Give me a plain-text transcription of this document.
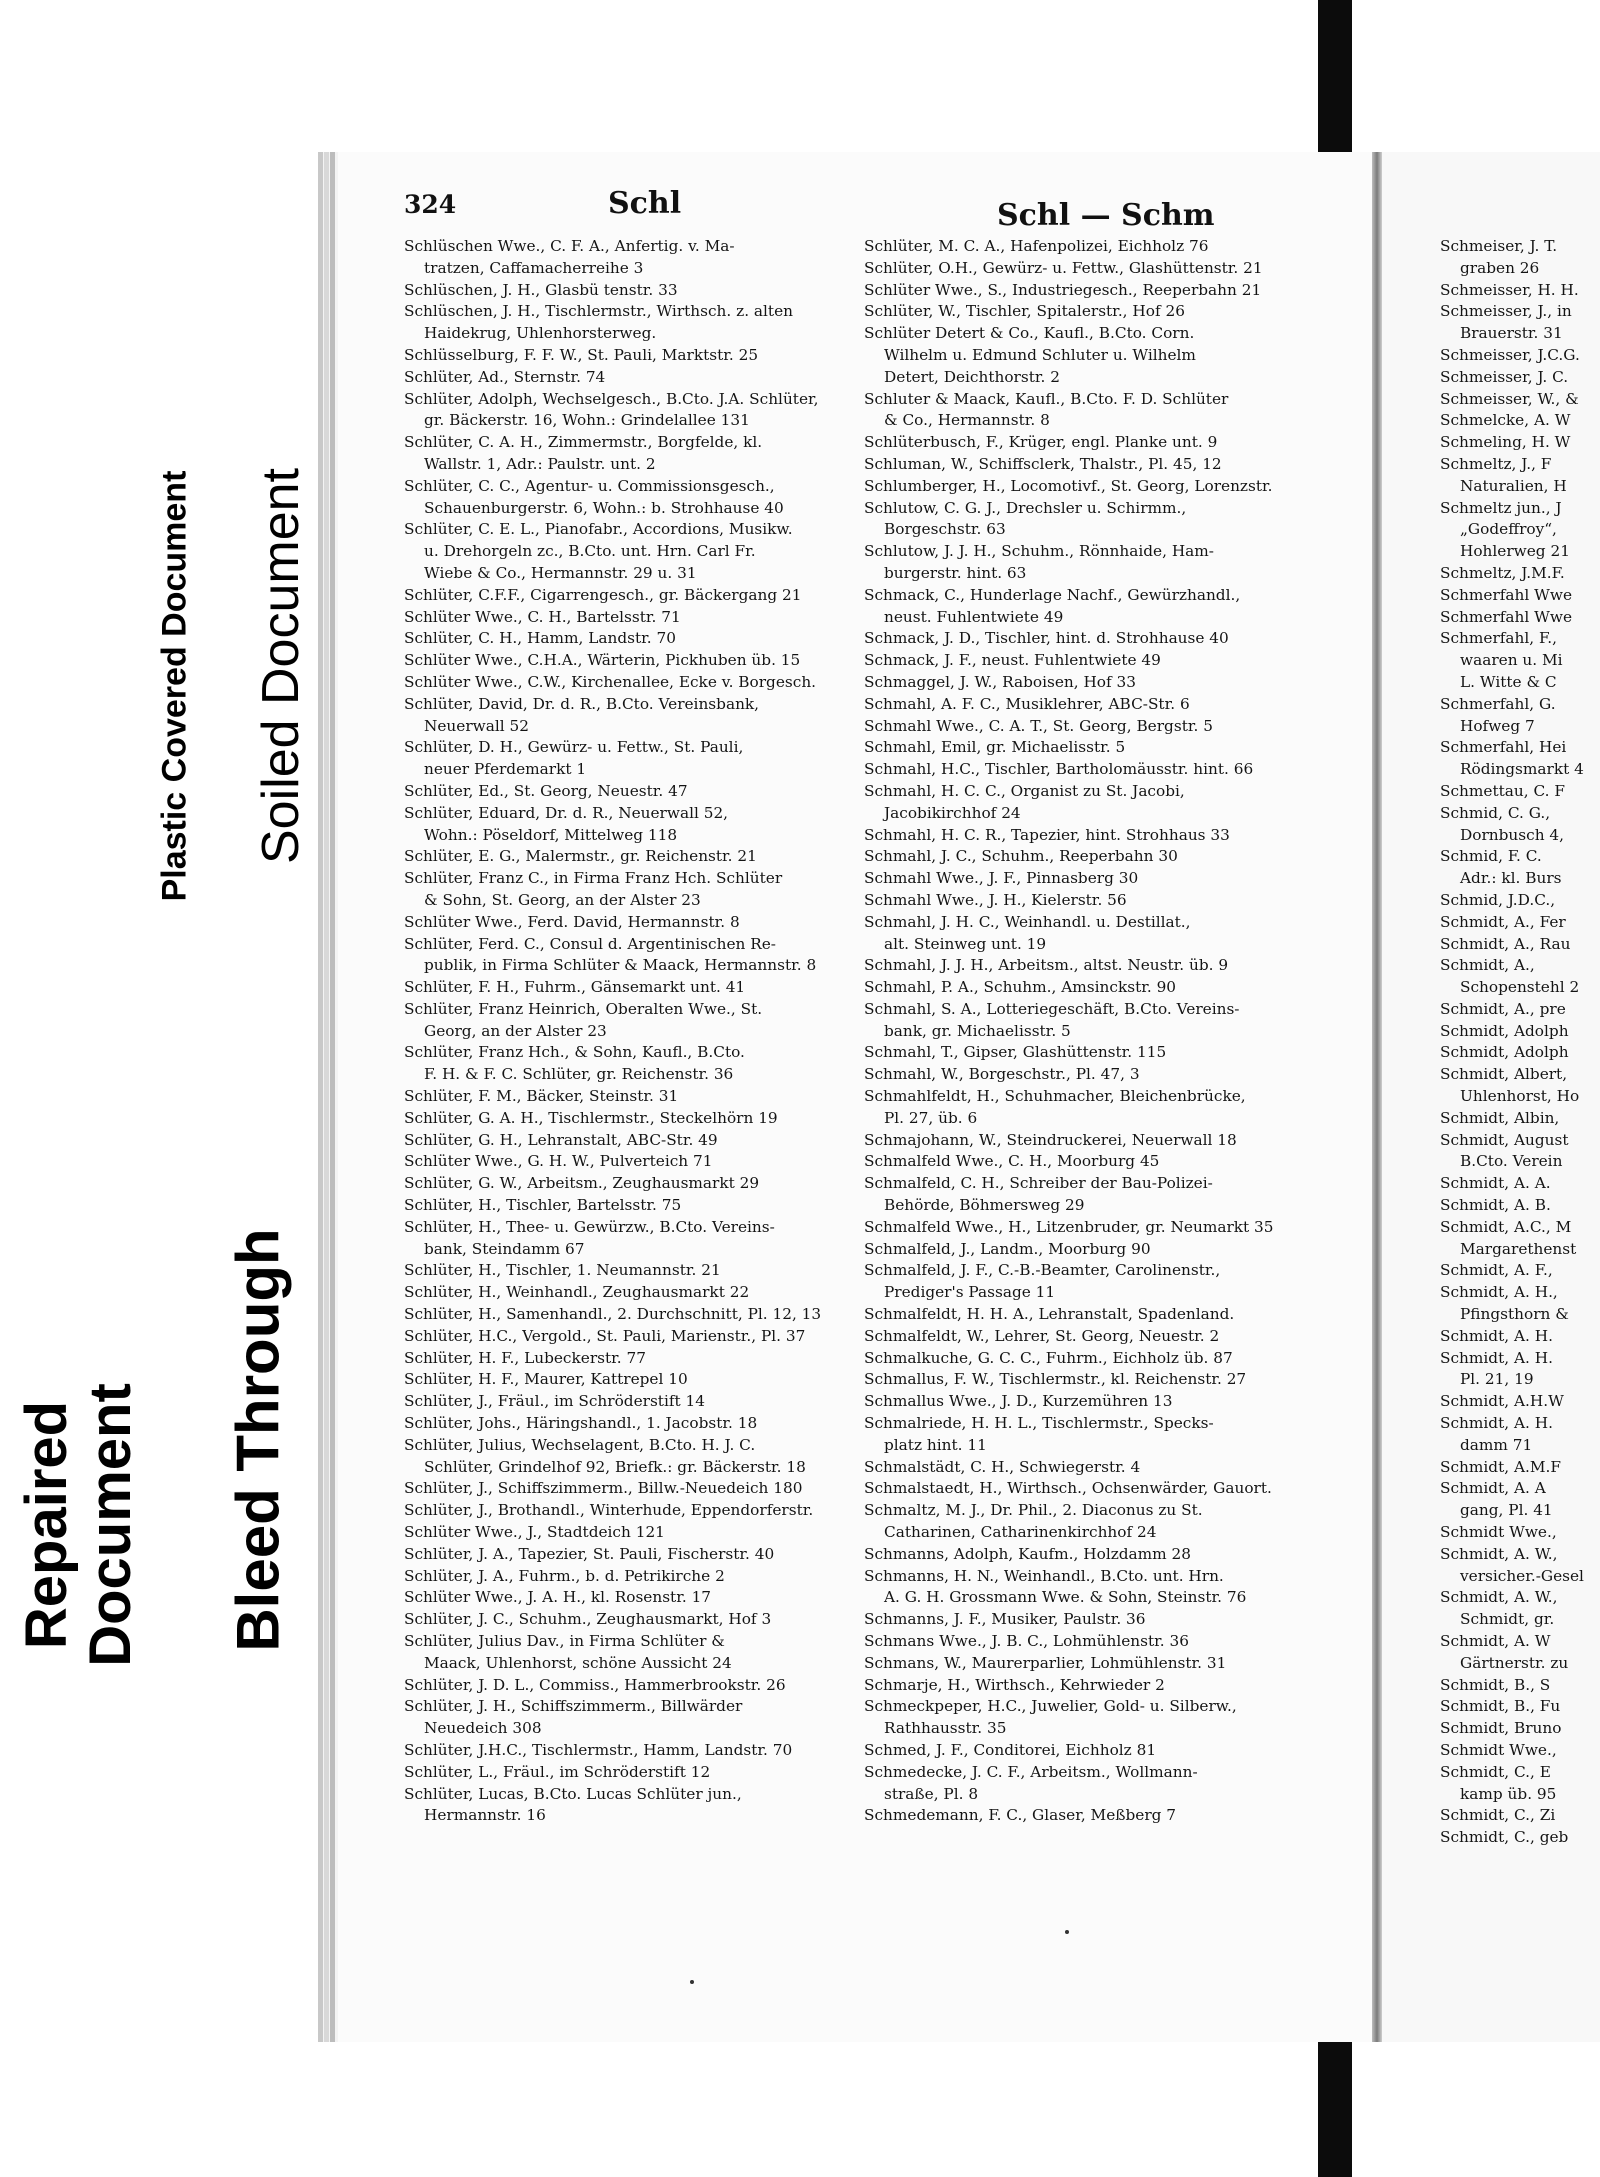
Plastic Covered Document Soiled Document
Repaired Document Bleed Through
324	Schl	Schl — Schm
Schlüschen Wwe., C. F. A., Anfertig. v. Ma-
tratzen, Caffamacherreihe 3
Schlüschen, J. H., Glasbü tenstr. 33
Schlüschen, J. H., Tischlermstr., Wirthsch. z. alten
Haidekrug, Uhlenhorsterweg.
Schlüsselburg, F. F. W., St. Pauli, Marktstr. 25
Schlüter, Ad., Sternstr. 74
Schlüter, Adolph, Wechselgesch., B.Cto. J.A. Schlüter,
gr. Bäckerstr. 16, Wohn.: Grindelallee 131
Schlüter, C. A. H., Zimmermstr., Borgfelde, kl.
Wallstr. 1, Adr.: Paulstr. unt. 2
Schlüter, C. C., Agentur- u. Commissionsgesch.,
Schauenburgerstr. 6, Wohn.: b. Strohhause 40
Schlüter, C. E. L., Pianofabr., Accordions, Musikw.
u. Drehorgeln zc., B.Cto. unt. Hrn. Carl Fr.
Wiebe & Co., Hermannstr. 29 u. 31
Schlüter, C.F.F., Cigarrengesch., gr. Bäckergang 21
Schlüter Wwe., C. H., Bartelsstr. 71
Schlüter, C. H., Hamm, Landstr. 70
Schlüter Wwe., C.H.A., Wärterin, Pickhuben üb. 15
Schlüter Wwe., C.W., Kirchenallee, Ecke v. Borgesch.
Schlüter, David, Dr. d. R., B.Cto. Vereinsbank,
Neuerwall 52
Schlüter, D. H., Gewürz- u. Fettw., St. Pauli,
neuer Pferdemarkt 1
Schlüter, Ed., St. Georg, Neuestr. 47
Schlüter, Eduard, Dr. d. R., Neuerwall 52,
Wohn.: Pöseldorf, Mittelweg 118
Schlüter, E. G., Malermstr., gr. Reichenstr. 21
Schlüter, Franz C., in Firma Franz Hch. Schlüter
& Sohn, St. Georg, an der Alster 23
Schlüter Wwe., Ferd. David, Hermannstr. 8
Schlüter, Ferd. C., Consul d. Argentinischen Re-
publik, in Firma Schlüter & Maack, Hermannstr. 8
Schlüter, F. H., Fuhrm., Gänsemarkt unt. 41
Schlüter, Franz Heinrich, Oberalten Wwe., St.
Georg, an der Alster 23
Schlüter, Franz Hch., & Sohn, Kaufl., B.Cto.
F. H. & F. C. Schlüter, gr. Reichenstr. 36
Schlüter, F. M., Bäcker, Steinstr. 31
Schlüter, G. A. H., Tischlermstr., Steckelhörn 19
Schlüter, G. H., Lehranstalt, ABC-Str. 49
Schlüter Wwe., G. H. W., Pulverteich 71
Schlüter, G. W., Arbeitsm., Zeughausmarkt 29
Schlüter, H., Tischler, Bartelsstr. 75
Schlüter, H., Thee- u. Gewürzw., B.Cto. Vereins-
bank, Steindamm 67
Schlüter, H., Tischler, 1. Neumannstr. 21
Schlüter, H., Weinhandl., Zeughausmarkt 22
Schlüter, H., Samenhandl., 2. Durchschnitt, Pl. 12, 13
Schlüter, H.C., Vergold., St. Pauli, Marienstr., Pl. 37
Schlüter, H. F., Lubeckerstr. 77
Schlüter, H. F., Maurer, Kattrepel 10
Schlüter, J., Fräul., im Schröderstift 14
Schlüter, Johs., Häringshandl., 1. Jacobstr. 18
Schlüter, Julius, Wechselagent, B.Cto. H. J. C.
Schlüter, Grindelhof 92, Briefk.: gr. Bäckerstr. 18
Schlüter, J., Schiffszimmerm., Billw.-Neuedeich 180
Schlüter, J., Brothandl., Winterhude, Eppendorferstr.
Schlüter Wwe., J., Stadtdeich 121
Schlüter, J. A., Tapezier, St. Pauli, Fischerstr. 40
Schlüter, J. A., Fuhrm., b. d. Petrikirche 2
Schlüter Wwe., J. A. H., kl. Rosenstr. 17
Schlüter, J. C., Schuhm., Zeughausmarkt, Hof 3
Schlüter, Julius Dav., in Firma Schlüter &
Maack, Uhlenhorst, schöne Aussicht 24
Schlüter, J. D. L., Commiss., Hammerbrookstr. 26
Schlüter, J. H., Schiffszimmerm., Billwärder
Neuedeich 308
Schlüter, J.H.C., Tischlermstr., Hamm, Landstr. 70
Schlüter, L., Fräul., im Schröderstift 12
Schlüter, Lucas, B.Cto. Lucas Schlüter jun.,
Hermannstr. 16
Schlüter, M. C. A., Hafenpolizei, Eichholz 76
Schlüter, O.H., Gewürz- u. Fettw., Glashüttenstr. 21
Schlüter Wwe., S., Industriegesch., Reeperbahn 21
Schlüter, W., Tischler, Spitalerstr., Hof 26
Schlüter Detert & Co., Kaufl., B.Cto. Corn.
Wilhelm u. Edmund Schluter u. Wilhelm
Detert, Deichthorstr. 2
Schluter & Maack, Kaufl., B.Cto. F. D. Schlüter
& Co., Hermannstr. 8
Schlüterbusch, F., Krüger, engl. Planke unt. 9
Schluman, W., Schiffsclerk, Thalstr., Pl. 45, 12
Schlumberger, H., Locomotivf., St. Georg, Lorenzstr.
Schlutow, C. G. J., Drechsler u. Schirmm.,
Borgeschstr. 63
Schlutow, J. J. H., Schuhm., Rönnhaide, Ham-
burgerstr. hint. 63
Schmack, C., Hunderlage Nachf., Gewürzhandl.,
neust. Fuhlentwiete 49
Schmack, J. D., Tischler, hint. d. Strohhause 40
Schmack, J. F., neust. Fuhlentwiete 49
Schmaggel, J. W., Raboisen, Hof 33
Schmahl, A. F. C., Musiklehrer, ABC-Str. 6
Schmahl Wwe., C. A. T., St. Georg, Bergstr. 5
Schmahl, Emil, gr. Michaelisstr. 5
Schmahl, H.C., Tischler, Bartholomäusstr. hint. 66
Schmahl, H. C. C., Organist zu St. Jacobi,
Jacobikirchhof 24
Schmahl, H. C. R., Tapezier, hint. Strohhaus 33
Schmahl, J. C., Schuhm., Reeperbahn 30
Schmahl Wwe., J. F., Pinnasberg 30
Schmahl Wwe., J. H., Kielerstr. 56
Schmahl, J. H. C., Weinhandl. u. Destillat.,
alt. Steinweg unt. 19
Schmahl, J. J. H., Arbeitsm., altst. Neustr. üb. 9
Schmahl, P. A., Schuhm., Amsinckstr. 90
Schmahl, S. A., Lotteriegeschäft, B.Cto. Vereins-
bank, gr. Michaelisstr. 5
Schmahl, T., Gipser, Glashüttenstr. 115
Schmahl, W., Borgeschstr., Pl. 47, 3
Schmahlfeldt, H., Schuhmacher, Bleichenbrücke,
Pl. 27, üb. 6
Schmajohann, W., Steindruckerei, Neuerwall 18
Schmalfeld Wwe., C. H., Moorburg 45
Schmalfeld, C. H., Schreiber der Bau-Polizei-
Behörde, Böhmersweg 29
Schmalfeld Wwe., H., Litzenbruder, gr. Neumarkt 35
Schmalfeld, J., Landm., Moorburg 90
Schmalfeld, J. F., C.-B.-Beamter, Carolinenstr.,
Prediger's Passage 11
Schmalfeldt, H. H. A., Lehranstalt, Spadenland.
Schmalfeldt, W., Lehrer, St. Georg, Neuestr. 2
Schmalkuche, G. C. C., Fuhrm., Eichholz üb. 87
Schmallus, F. W., Tischlermstr., kl. Reichenstr. 27
Schmallus Wwe., J. D., Kurzemühren 13
Schmalriede, H. H. L., Tischlermstr., Specks-
platz hint. 11
Schmalstädt, C. H., Schwiegerstr. 4
Schmalstaedt, H., Wirthsch., Ochsenwärder, Gauort.
Schmaltz, M. J., Dr. Phil., 2. Diaconus zu St.
Catharinen, Catharinenkirchhof 24
Schmanns, Adolph, Kaufm., Holzdamm 28
Schmanns, H. N., Weinhandl., B.Cto. unt. Hrn.
A. G. H. Grossmann Wwe. & Sohn, Steinstr. 76
Schmanns, J. F., Musiker, Paulstr. 36
Schmans Wwe., J. B. C., Lohmühlenstr. 36
Schmans, W., Maurerparlier, Lohmühlenstr. 31
Schmarje, H., Wirthsch., Kehrwieder 2
Schmeckpeper, H.C., Juwelier, Gold- u. Silberw.,
Rathhausstr. 35
Schmed, J. F., Conditorei, Eichholz 81
Schmedecke, J. C. F., Arbeitsm., Wollmann-
straße, Pl. 8
Schmedemann, F. C., Glaser, Meßberg 7
Schmeiser, J. T.
graben 26
Schmeisser, H. H.
Schmeisser, J., in
Brauerstr. 31
Schmeisser, J.C.G.
Schmeisser, J. C.
Schmeisser, W., &
Schmelcke, A. W
Schmeling, H. W
Schmeltz, J., F
Naturalien, H
Schmeltz jun., J
„Godeffroy“,
Hohlerweg 21
Schmeltz, J.M.F.
Schmerfahl Wwe
Schmerfahl Wwe
Schmerfahl, F.,
waaren u. Mi
L. Witte & C
Schmerfahl, G.
Hofweg 7
Schmerfahl, Hei
Rödingsmarkt 4
Schmettau, C. F
Schmid, C. G.,
Dornbusch 4,
Schmid, F. C.
Adr.: kl. Burs
Schmid, J.D.C.,
Schmidt, A., Fer
Schmidt, A., Rau
Schmidt, A.,
Schopenstehl 2
Schmidt, A., pre
Schmidt, Adolph
Schmidt, Adolph
Schmidt, Albert,
Uhlenhorst, Ho
Schmidt, Albin,
Schmidt, August
B.Cto. Verein
Schmidt, A. A.
Schmidt, A. B.
Schmidt, A.C., M
Margarethenst
Schmidt, A. F.,
Schmidt, A. H.,
Pfingsthorn &
Schmidt, A. H.
Schmidt, A. H.
Pl. 21, 19
Schmidt, A.H.W
Schmidt, A. H.
damm 71
Schmidt, A.M.F
Schmidt, A. A
gang, Pl. 41
Schmidt Wwe.,
Schmidt, A. W.,
versicher.-Gesel
Schmidt, A. W.,
Schmidt, gr.
Schmidt, A. W
Gärtnerstr. zu
Schmidt, B., S
Schmidt, B., Fu
Schmidt, Bruno
Schmidt Wwe.,
Schmidt, C., E
kamp üb. 95
Schmidt, C., Zi
Schmidt, C., geb
